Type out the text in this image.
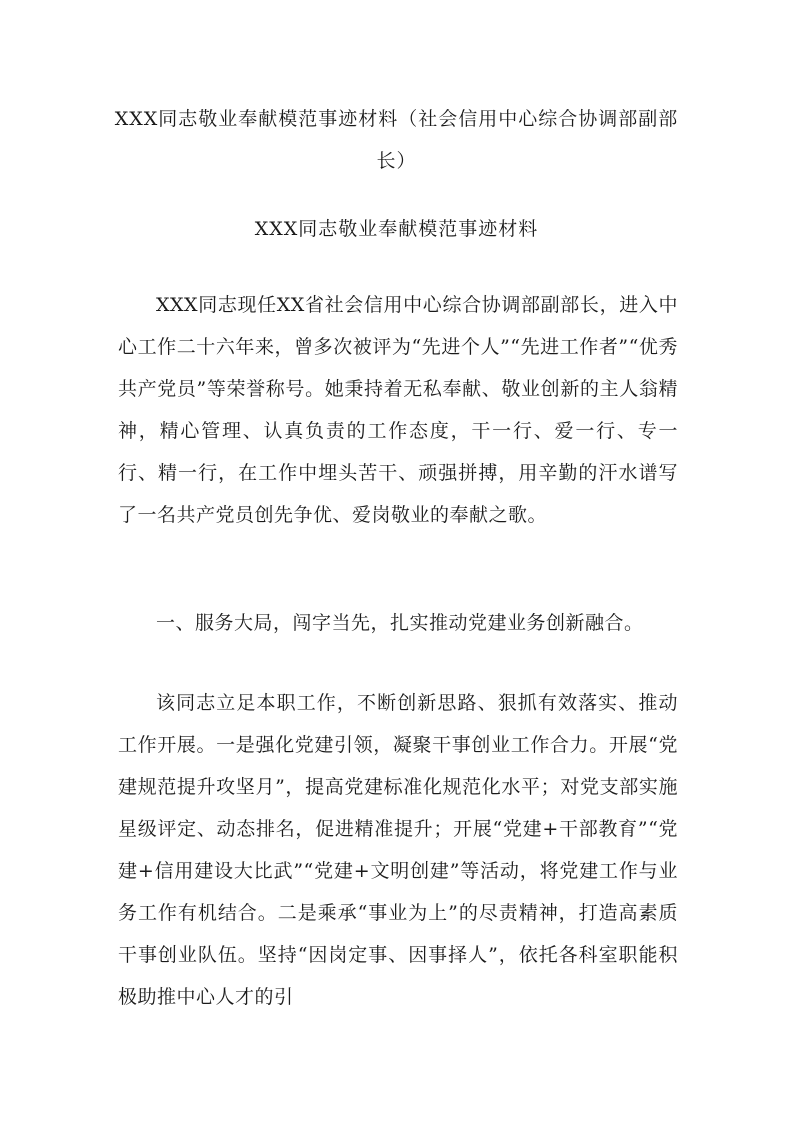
XXX同志敬业奉献模范事迹材料（社会信用中心综合协调部副部长）
XXX同志敬业奉献模范事迹材料

XXX同志现任XX省社会信用中心综合协调部副部长，进入中心工作二十六年来，曾多次被评为“先进个人”“先进工作者”“优秀共产党员”等荣誉称号。她秉持着无私奉献、敬业创新的主人翁精神，精心管理、认真负责的工作态度，干一行、爱一行、专一行、精一行，在工作中埋头苦干、顽强拼搏，用辛勤的汗水谱写了一名共产党员创先争优、爱岗敬业的奉献之歌。

一、服务大局，闯字当先，扎实推动党建业务创新融合。

该同志立足本职工作，不断创新思路、狠抓有效落实、推动工作开展。一是强化党建引领，凝聚干事创业工作合力。开展“党建规范提升攻坚月”，提高党建标准化规范化水平；对党支部实施星级评定、动态排名，促进精准提升；开展“党建+干部教育”“党建+信用建设大比武”“党建+文明创建”等活动，将党建工作与业务工作有机结合。二是乘承“事业为上”的尽责精神，打造高素质干事创业队伍。坚持“因岗定事、因事择人”，依托各科室职能积极助推中心人才的引
